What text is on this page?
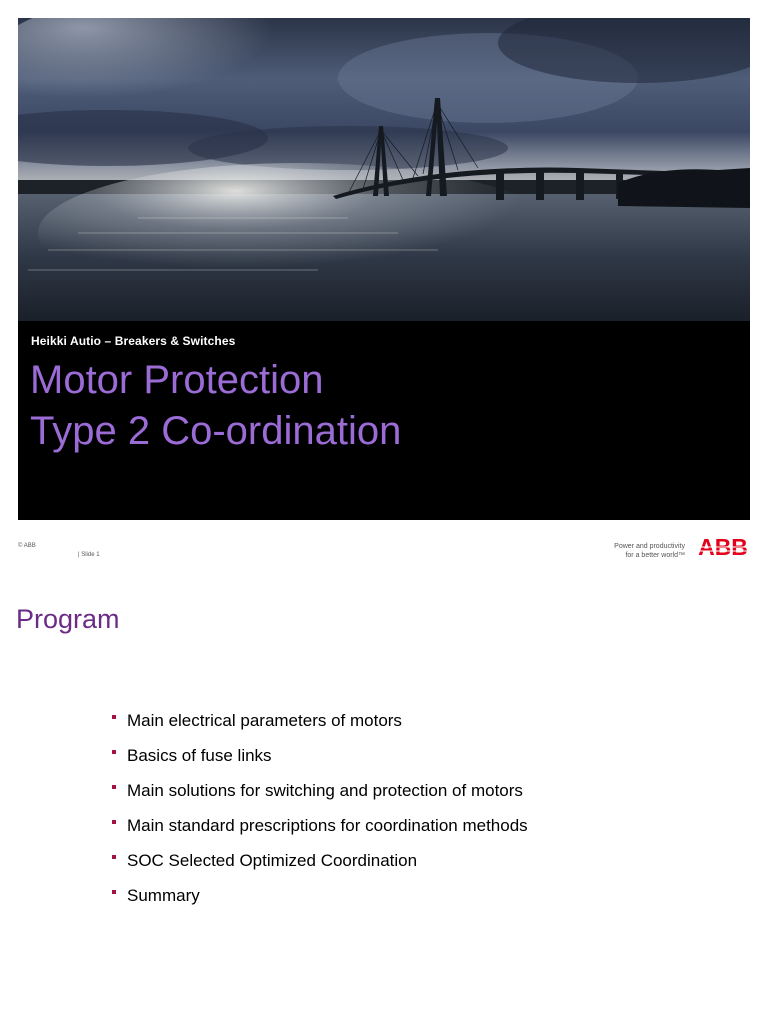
Heikki Autio – Breakers & Switches
Motor Protection
Type 2 Co-ordination
© ABB
| Slide 1
Power and productivity
for a better world™ ABB
Program
Main electrical parameters of motors
Basics of fuse links
Main solutions for switching and protection of motors
Main standard prescriptions for coordination methods
SOC Selected Optimized Coordination
Summary
